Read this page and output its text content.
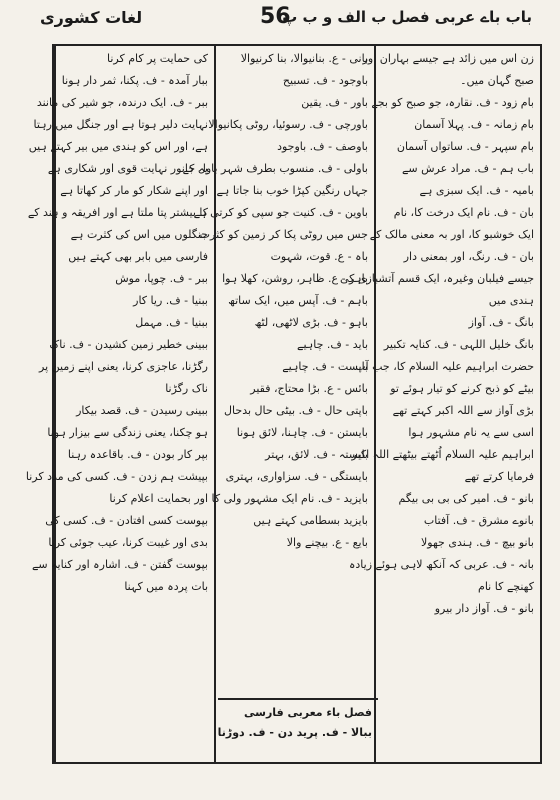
لغات کشوری	56
باب باے عربی فصل ب الف و ب پ
زن اس میں زائد ہے جیسے بہاران اور
صبح گہان میں۔
بام زود - ف. نقارہ، جو صبح کو بجے
بام زمانہ - ف. پہلا آسمان
بام سپہر - ف. ساتواں آسمان
باب ہم - ف. مراد عرش سے
بامیہ - ف. ایک سبزی ہے
بان - ف. نام ایک درخت کا، نام
ایک خوشبو کا، اور بہ معنی مالک کے
بان - ف. رنگ، اور بمعنی دار
جیسے فیلبان وغیرہ، ایک قسم آتشبازی کی
ہندی میں
بانگ - ف. آواز
بانگ خلیل اللہی - ف. کنایہ تکبیر
حضرت ابراہیم علیہ السلام کا، جب آپ
بیٹے کو ذبح کرنے کو تیار ہوئے تو
بڑی آواز سے اللہ اکبر کہتے تھے
اسی سے یہ نام مشہور ہوا
ابراہیم علیہ السلام اُٹھتے بیٹھتے اللہ اکبر
فرمایا کرتے تھے
بانو - ف. امیر کی بی بی بیگم
بانوے مشرق - ف. آفتاب
بانو بیچ - ف. ہندی جھولا
بانہ - ف. عربی کہ آنکھ لاہی ہوئے زیادہ
کھنچے کا نام
بانو - ف. آواز دار بیرو
بانی - ع. بنانیوالا، بنا کرنیوالا
باوجود - ف. تسبیح
باور - ف. یقین
باورچی - ف. رسوئیا، روٹی پکانیوالا
باوصف - ف. باوجود
باولی - ف. منسوب بطرف شہر باول کے
جہاں رنگین کپڑا خوب بنا جاتا ہے
باوین - ف. کنیت جو سپی کو کرتی ہے
جس میں روٹی پکا کر زمین کو کثرت
باہ - ع. قوت، شہوت
باہر - ع. ظاہر، روشن، کھلا ہوا
باہم - ف. آپس میں، ایک ساتھ
باہو - ف. بڑی لاٹھی، لٹھ
باید - ف. چاہیے
بایست - ف. چاہیے
بائس - ع. بڑا محتاج، فقیر
باپتی حال - ف. بیٹی حال بدحال
بایستن - ف. چاہنا، لائق ہونا
بایستہ - ف. لائق، بہتر
بایستگی - ف. سزاواری، بہتری
بایزید - ف. نام ایک مشہور ولی کا
بایزید بسطامی کہتے ہیں
بایع - ع. بیچنے والا
کی حمایت پر کام کرنا
ببار آمدہ - ف. پکنا، ثمر دار ہونا
ببر - ف. ایک درندہ، جو شیر کی مانند
نہایت دلیر ہوتا ہے اور جنگل میں رہتا
ہے، اور اس کو ہندی میں بیر کہتے ہیں
یہ جانور نہایت قوی اور شکاری ہے
اور اپنے شکار کو مار کر کھاتا ہے
کا بیشتر پتا ملتا ہے اور افریقہ و ہند کے
جنگلوں میں اس کی کثرت ہے
فارسی میں بابر بھی کہتے ہیں
ببر - ف. چوپا، موش
ببنیا - ف. ریا کار
ببنیا - ف. مہمل
ببینی خطیر زمین کشیدن - ف. ناک
رگڑنا، عاجزی کرنا، یعنی اپنے زمین پر
ناک رگڑنا
ببینی رسیدن - ف. قصد بیکار
ہو چکنا، یعنی زندگی سے بیزار ہونا
بپر کار بودن - ف. باقاعدہ رہنا
بپیشت ہم زدن - ف. کسی کی مدد کرنا
اور بحمایت اعلام کرنا
بپوست کسی افتادن - ف. کسی کی
بدی اور غیبت کرنا، عیب جوئی کرنا
بپوست گفتن - ف. اشارہ اور کنایہ سے
بات پردہ میں کہنا
فصل باء معربی فارسی
ببالا - ف. پرید دن - ف. دوڑنا
